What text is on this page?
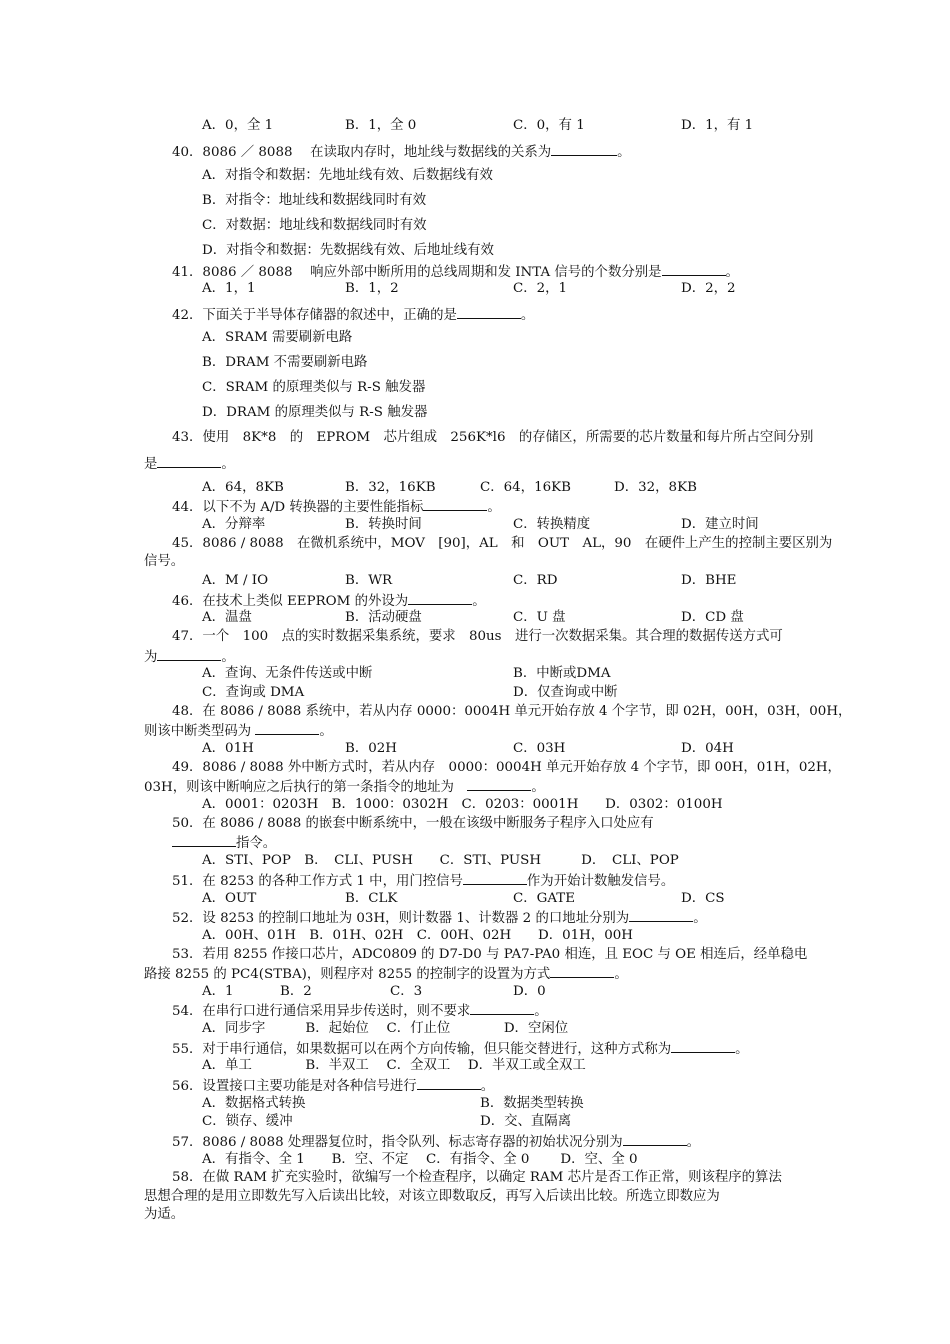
A．0，全 1	B．1，全 0	C．0，有 1	D．1，有 1
40．8086 ／ 8088　 在读取内存时，地址线与数据线的关系为	。
A．对指令和数据：先地址线有效、后数据线有效
B．对指令：地址线和数据线同时有效
C．对数据：地址线和数据线同时有效
D．对指令和数据：先数据线有效、后地址线有效
41．8086 ／ 8088　 响应外部中断所用的总线周期和发 INTA 信号的个数分别是	。
A．1，1	B．1，2	C．2，1	D．2，2
42．下面关于半导体存储器的叙述中，正确的是	。
A．SRAM 需要刷新电路
B．DRAM 不需要刷新电路
C．SRAM 的原理类似与 R-S 触发器
D．DRAM 的原理类似与 R-S 触发器
43．使用　8K*8　的　EPROM　芯片组成　256K*l6　的存储区，所需要的芯片数量和每片所占空间分别
是	。
A．64，8KB	B．32，16KB	C．64，16KB	D．32，8KB
44．以下不为 A/D 转换器的主要性能指标	。
A．分辩率	B．转换时间	C．转换精度	D．建立时间
45．8086 / 8088　在微机系统中，MOV　[90]，AL　和　OUT　AL，90　在硬件上产生的控制主要区别为
信号。
A．M / IO	B．WR	C．RD	D．BHE
46．在技术上类似 EEPROM 的外设为	。
A．温盘	B．活动硬盘	C．U 盘	D．CD 盘
47．一个　100　点的实时数据采集系统，要求　80us　进行一次数据采集。其合理的数据传送方式可
为	。
A．查询、无条件传送或中断	B．中断或DMA
C．查询或 DMA	D．仅查询或中断
48．在 8086 / 8088 系统中，若从内存 0000：0004H 单元开始存放 4 个字节，即 02H，00H，03H，00H，
则该中断类型码为	。
A．01H	B．02H	C．03H	D．04H
49．8086 / 8088 外中断方式时，若从内存　0000：0004H 单元开始存放 4 个字节，即 00H，01H，02H，
03H，则该中断响应之后执行的第一条指令的地址为　	。
A．0001：0203H　B．1000：0302H　C．0203：0001H　　D．0302：0100H
50．在 8086 / 8088 的嵌套中断系统中，一般在该级中断服务子程序入口处应有
指令。
A．STI、POP　B．　CLI、PUSH　　C．STI、PUSH　　　D．　CLI、POP
51．在 8253 的各种工作方式 1 中，用门控信号	作为开始计数触发信号。
A．OUT	B．CLK	C．GATE	D．CS
52．设 8253 的控制口地址为 03H，则计数器 1、计数器 2 的口地址分别为	。
A．00H、01H　B．01H、02H　C．00H、02H　　D．01H，00H
53．若用 8255 作接口芯片，ADC0809 的 D7-D0 与 PA7-PA0 相连，且 EOC 与 OE 相连后，经单稳电
路接 8255 的 PC4(STBA)，则程序对 8255 的控制字的设置为方式	。
A．1	B．2	C．3	D．0
54．在串行口进行通信采用异步传送时，则不要求	。
A．同步字　　　B．起始位　 C．仃止位　　　　D．空闲位
55．对于串行通信，如果数据可以在两个方向传输，但只能交替进行，这种方式称为	。
A．单工　　　　B．半双工　 C．全双工　 D．半双工或全双工
56．设置接口主要功能是对各种信号进行	。
A．数据格式转换	B．数据类型转换
C．锁存、缓冲	D．交、直隔离
57．8086 / 8088 处理器复位时，指令队列、标志寄存器的初始状况分别为	。
A．有指令、全 1　　B．空、不定　 C．有指令、全 0　　 D．空、全 0
58．在做 RAM 扩充实验时，欲编写一个检查程序，以确定 RAM 芯片是否工作正常，则该程序的算法
思想合理的是用立即数先写入后读出比较，对该立即数取反，再写入后读出比较。所选立即数应为
为适。
